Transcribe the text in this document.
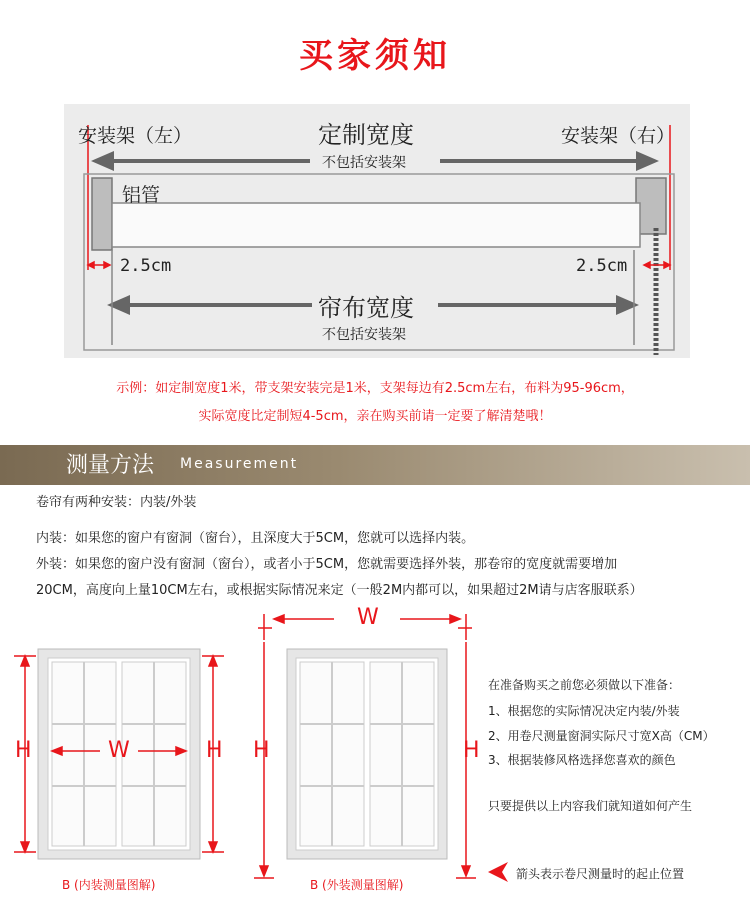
买家须知
安装架（左）	安装架（右）
定制宽度
不包括安装架
铝管
2.5cm	2.5cm
帘布宽度
不包括安装架
示例：如定制宽度1米，带支架安装完是1米，支架每边有2.5cm左右，布料为95-96cm，
实际宽度比定制短4-5cm，亲在购买前请一定要了解清楚哦！
测量方法 Measurement
卷帘有两种安装：内装/外装
内装：如果您的窗户有窗洞（窗台），且深度大于5CM，您就可以选择内装。
外装：如果您的窗户没有窗洞（窗台），或者小于5CM，您就需要选择外装，那卷帘的宽度就需要增加
20CM，高度向上量10CM左右，或根据实际情况来定（一般2M内都可以，如果超过2M请与店客服联系）
H	W	H
B (内装测量图解)
W
H	H
B (外装测量图解)
在准备购买之前您必须做以下准备：
1、根据您的实际情况决定内装/外装
2、用卷尺测量窗洞实际尺寸宽X高（CM）
3、根据装修风格选择您喜欢的颜色
只要提供以上内容我们就知道如何产生
箭头表示卷尺测量时的起止位置
